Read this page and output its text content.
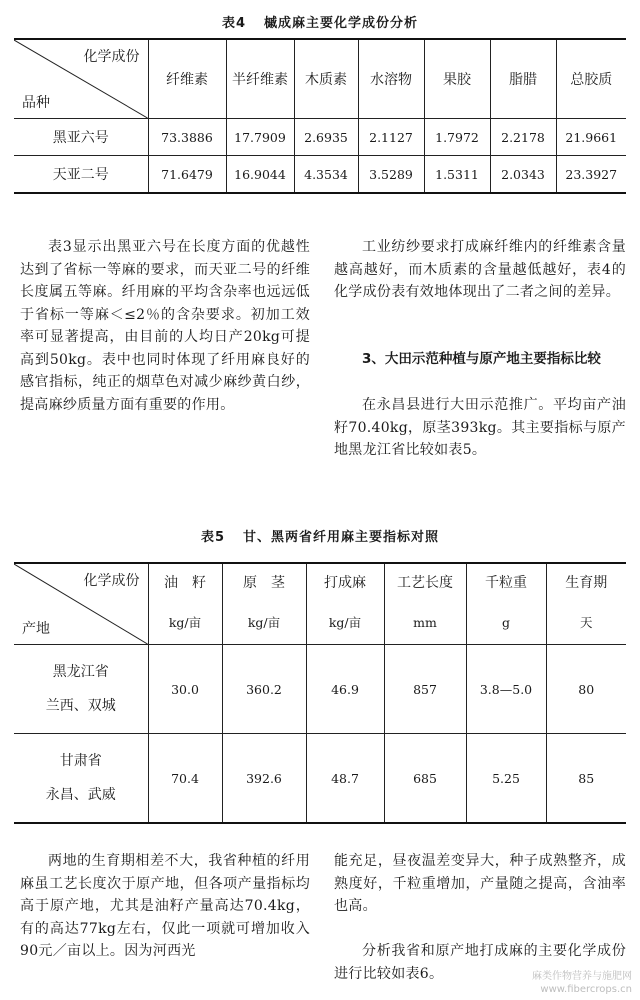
表4 槭成麻主要化学成份分析
化学成份
品种	纤维素	半纤维素	木质素	水溶物	果胶	脂腊	总胶质
黑亚六号	73.3886	17.7909	2.6935	2.1127	1.7972	2.2178	21.9661
天亚二号	71.6479	16.9044	4.3534	3.5289	1.5311	2.0343	23.3927

表3显示出黑亚六号在长度方面的优越性达到了省标一等麻的要求，而天亚二号的纤维长度属五等麻。纤用麻的平均含杂率也远远低于省标一等麻＜≤2％的含杂要求。初加工效率可显著提高，由目前的人均日产20kg可提高到50kg。表中也同时体现了纤用麻良好的感官指标，纯正的烟草色对减少麻纱黄白纱，提高麻纱质量方面有重要的作用。

工业纺纱要求打成麻纤维内的纤维素含量越高越好，而木质素的含量越低越好，表4的化学成份表有效地体现出了二者之间的差异。

3、大田示范种植与原产地主要指标比较

在永昌县进行大田示范推广。平均亩产油籽70.40kg，原茎393kg。其主要指标与原产地黑龙江省比较如表5。

表5 甘、黑两省纤用麻主要指标对照
化学成份
产地	油　籽	原　茎	打成麻	工艺长度	千粒重	生育期
	kg/亩	kg/亩	kg/亩	mm	g	天

黑龙江省
兰西、双城	30.0	360.2	46.9	857	3.8—5.0	80

甘肃省
永昌、武威	70.4	392.6	48.7	685	5.25	85

两地的生育期相差不大，我省种植的纤用麻虽工艺长度次于原产地，但各项产量指标均高于原产地，尤其是油籽产量高达70.4kg，有的高达77kg左右，仅此一项就可增加收入90元／亩以上。因为河西光

能充足，昼夜温差变异大，种子成熟整齐，成熟度好，千粒重增加，产量随之提高，含油率也高。

分析我省和原产地打成麻的主要化学成份进行比较如表6。	麻类作物营养与施肥网
www.fibercrops.cn
